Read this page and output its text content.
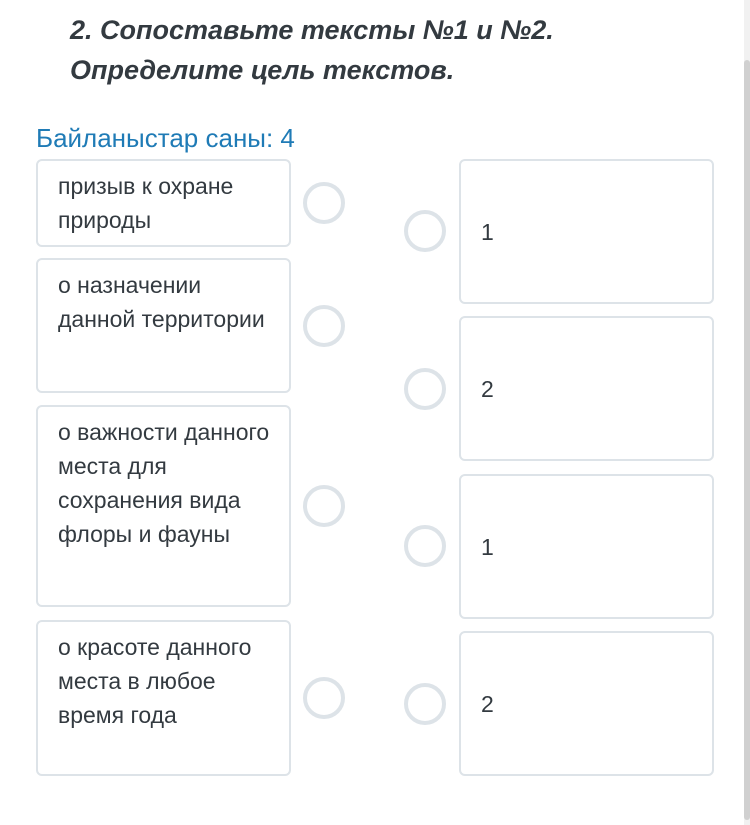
2. Сопоставьте тексты №1 и №2. Определите цель текстов.

Байланыстар саны: 4
призыв к охране природы
о назначении данной территории
о важности данного места для сохранения вида флоры и фауны
о красоте данного места в любое время года
1
2
1
2
